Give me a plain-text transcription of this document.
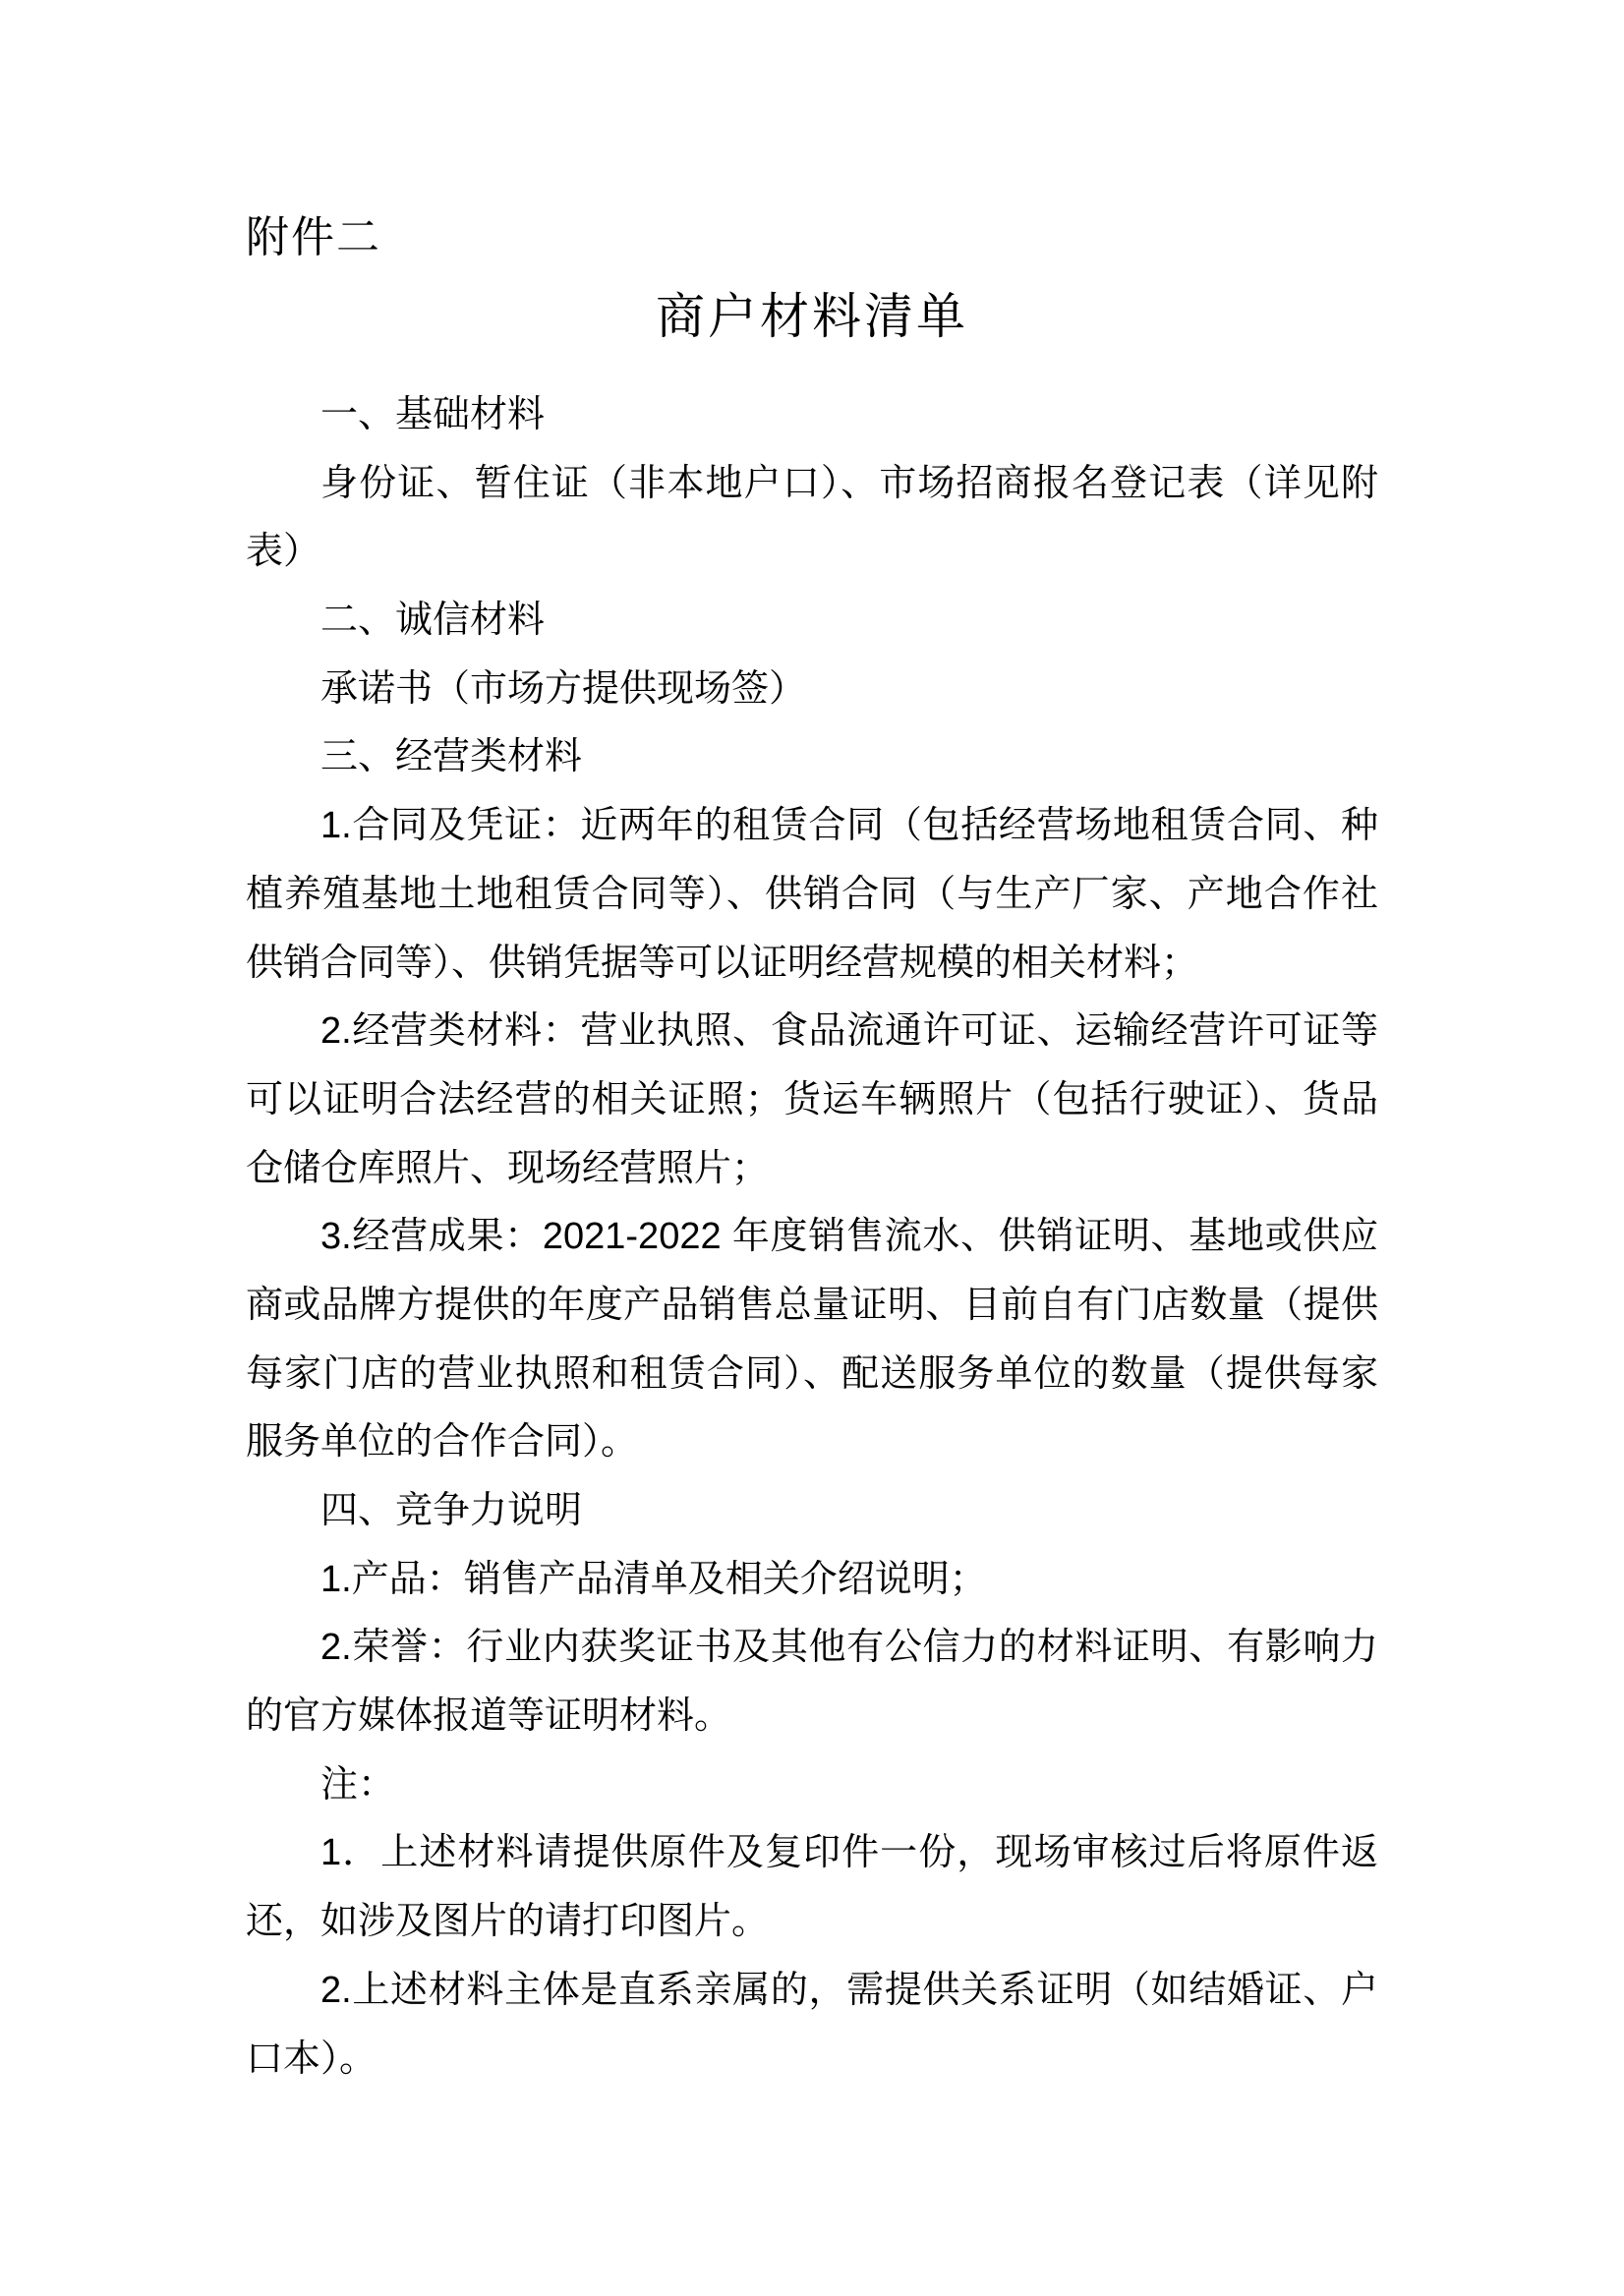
附件二
商户材料清单
一、基础材料
身份证、暂住证（非本地户口）、市场招商报名登记表（详见附
表）
二、诚信材料
承诺书（市场方提供现场签）
三、经营类材料
1.合同及凭证：近两年的租赁合同（包括经营场地租赁合同、种
植养殖基地土地租赁合同等）、供销合同（与生产厂家、产地合作社
供销合同等）、供销凭据等可以证明经营规模的相关材料；
2.经营类材料：营业执照、食品流通许可证、运输经营许可证等
可以证明合法经营的相关证照；货运车辆照片（包括行驶证）、货品
仓储仓库照片、现场经营照片；
3.经营成果：2021-2022 年度销售流水、供销证明、基地或供应
商或品牌方提供的年度产品销售总量证明、目前自有门店数量（提供
每家门店的营业执照和租赁合同）、配送服务单位的数量（提供每家
服务单位的合作合同）。
四、竞争力说明
1.产品：销售产品清单及相关介绍说明；
2.荣誉：行业内获奖证书及其他有公信力的材料证明、有影响力
的官方媒体报道等证明材料。
注：
1．上述材料请提供原件及复印件一份，现场审核过后将原件返
还，如涉及图片的请打印图片。
2.上述材料主体是直系亲属的，需提供关系证明（如结婚证、户
口本）。
